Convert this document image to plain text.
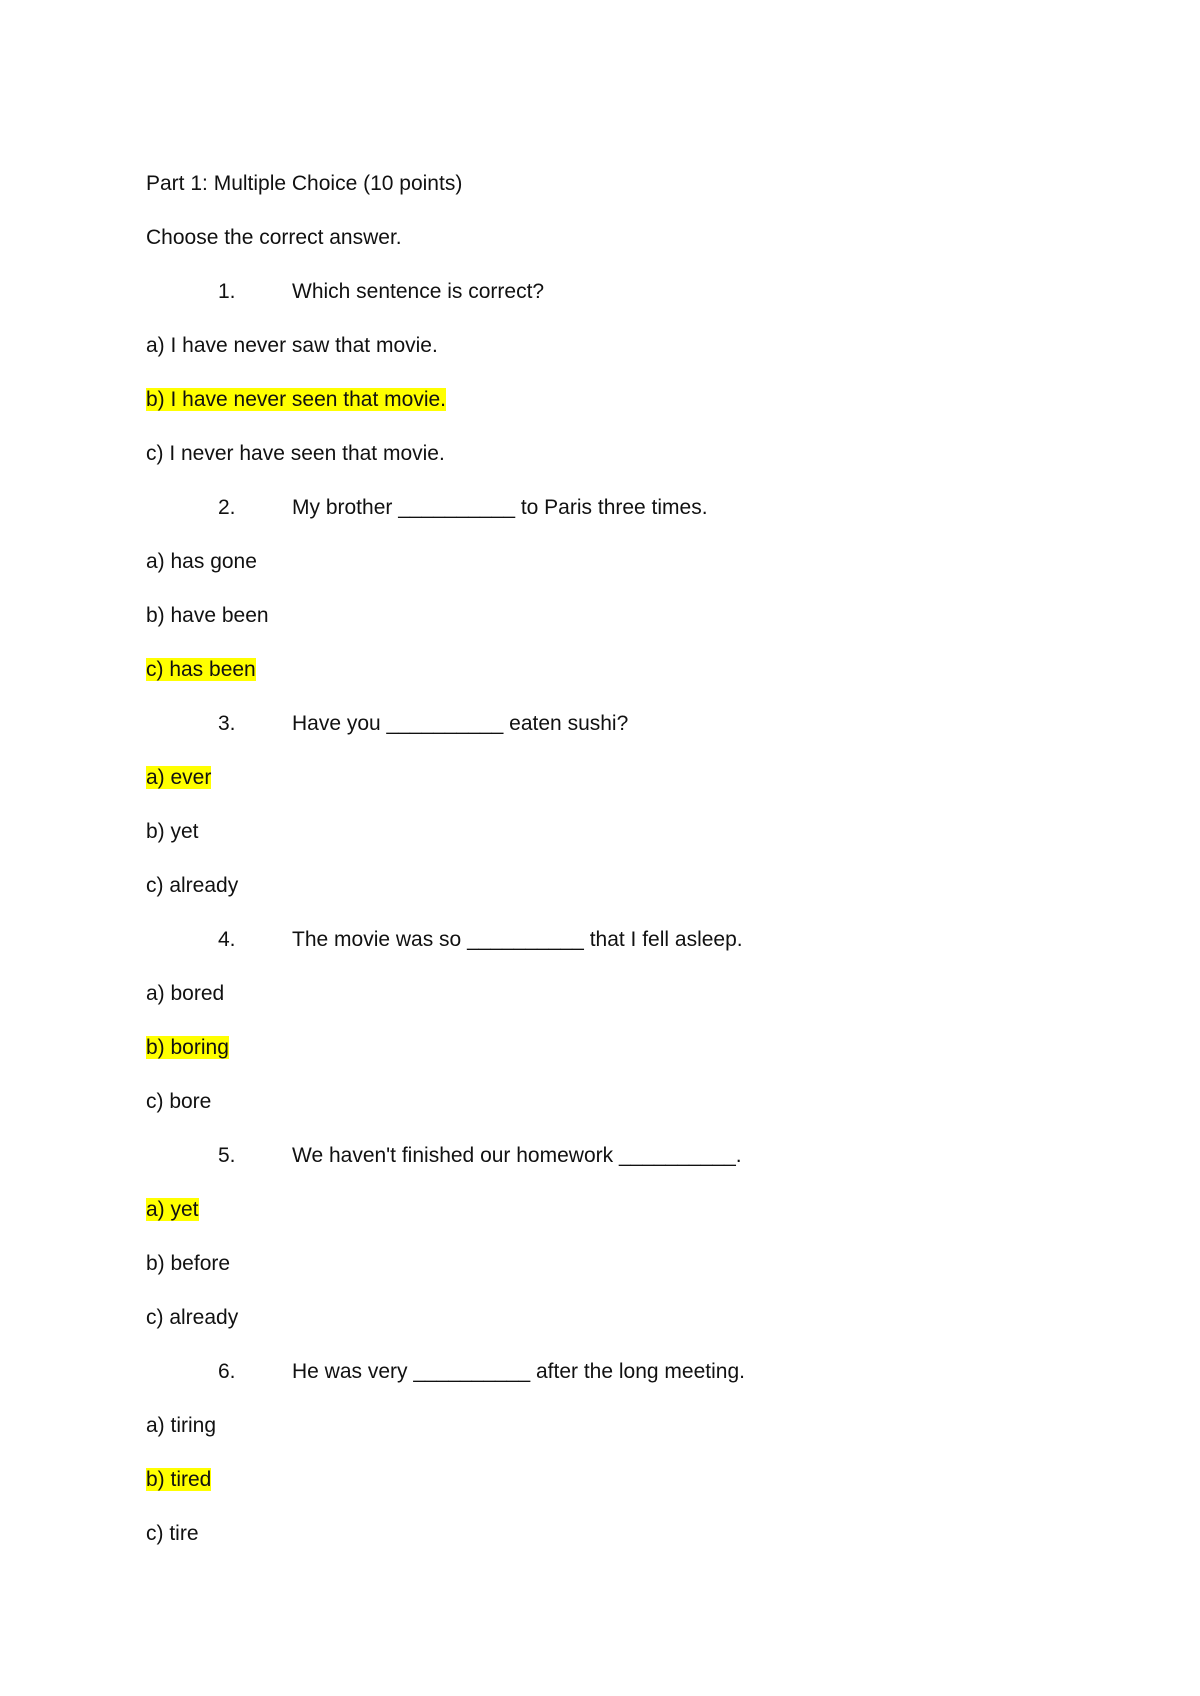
Part 1: Multiple Choice (10 points)
Choose the correct answer.
1.	Which sentence is correct?
a) I have never saw that movie.
b) I have never seen that movie.
c) I never have seen that movie.
2.	My brother __________ to Paris three times.
a) has gone
b) have been
c) has been
3.	Have you __________ eaten sushi?
a) ever
b) yet
c) already
4.	The movie was so __________ that I fell asleep.
a) bored
b) boring
c) bore
5.	We haven't finished our homework __________.
a) yet
b) before
c) already
6.	He was very __________ after the long meeting.
a) tiring
b) tired
c) tire
